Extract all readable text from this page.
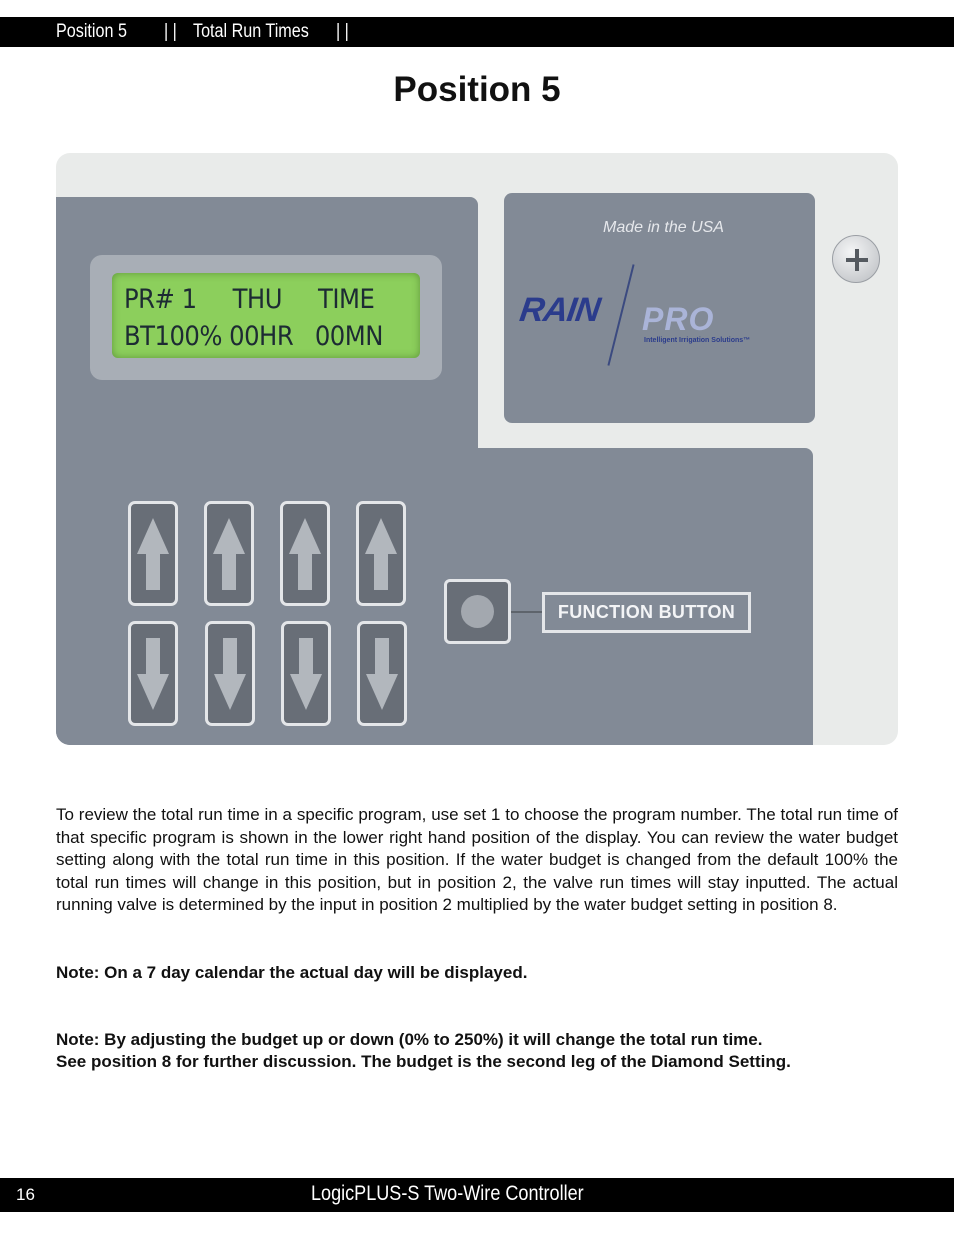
Position 5 | | Total Run Times | |
Position 5
PR# 1     THU     TIME
BT100% 00HR   00MN
Made in the USA
RAIN PRO
Intelligent Irrigation Solutions™
FUNCTION BUTTON

To review the total run time in a specific program, use set 1 to choose the program number. The total run time of that specific program is shown in the lower right hand position of the display. You can review the water budget setting along with the total run time in this position. If the water budget is changed from the default 100% the total run times will change in this position, but in position 2, the valve run times will stay inputted. The actual running valve is determined by the input in position 2 multiplied by the water budget setting in position 8.

Note: On a 7 day calendar the actual day will be displayed.

Note: By adjusting the budget up or down (0% to 250%) it will change the total run time.

See position 8 for further discussion. The budget is the second leg of the Diamond Setting.

16	LogicPLUS-S Two-Wire Controller
